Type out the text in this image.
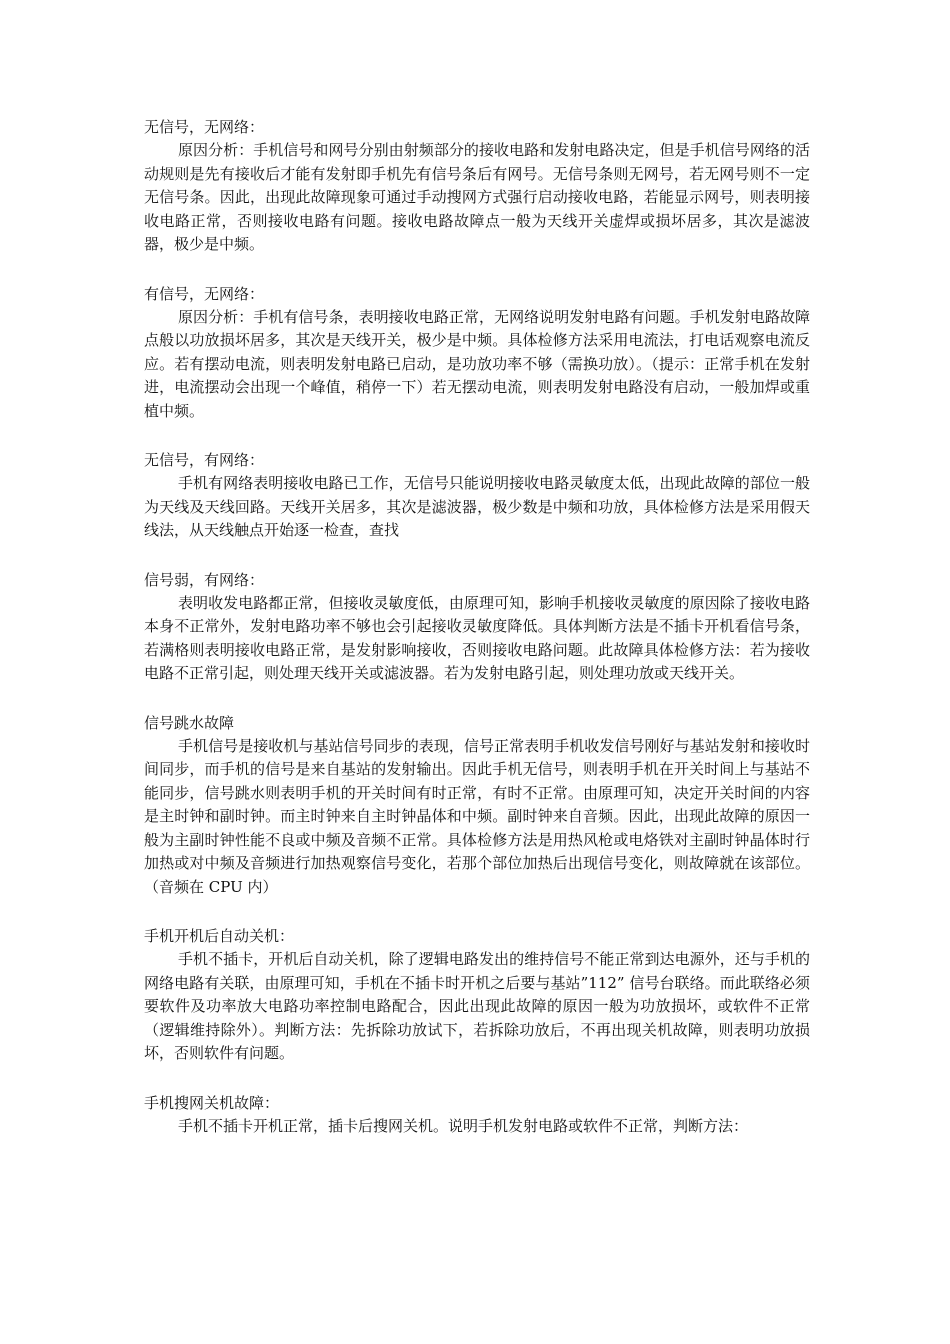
无信号，无网络：

原因分析：手机信号和网号分别由射频部分的接收电路和发射电路决定，但是手机信号网络的活动规则是先有接收后才能有发射即手机先有信号条后有网号。无信号条则无网号，若无网号则不一定无信号条。因此，出现此故障现象可通过手动搜网方式强行启动接收电路，若能显示网号，则表明接收电路正常，否则接收电路有问题。接收电路故障点一般为天线开关虚焊或损坏居多，其次是滤波器，极少是中频。

有信号，无网络：

原因分析：手机有信号条，表明接收电路正常，无网络说明发射电路有问题。手机发射电路故障点般以功放损坏居多，其次是天线开关，极少是中频。具体检修方法采用电流法，打电话观察电流反应。若有摆动电流，则表明发射电路已启动，是功放功率不够（需换功放）。（提示：正常手机在发射进，电流摆动会出现一个峰值，稍停一下）若无摆动电流，则表明发射电路没有启动，一般加焊或重植中频。

无信号，有网络：

手机有网络表明接收电路已工作，无信号只能说明接收电路灵敏度太低，出现此故障的部位一般为天线及天线回路。天线开关居多，其次是滤波器，极少数是中频和功放，具体检修方法是采用假天线法，从天线触点开始逐一检查，查找

信号弱，有网络：

表明收发电路都正常，但接收灵敏度低，由原理可知，影响手机接收灵敏度的原因除了接收电路本身不正常外，发射电路功率不够也会引起接收灵敏度降低。具体判断方法是不插卡开机看信号条，若满格则表明接收电路正常，是发射影响接收，否则接收电路问题。此故障具体检修方法：若为接收电路不正常引起，则处理天线开关或滤波器。若为发射电路引起，则处理功放或天线开关。

信号跳水故障

手机信号是接收机与基站信号同步的表现，信号正常表明手机收发信号刚好与基站发射和接收时间同步，而手机的信号是来自基站的发射输出。因此手机无信号，则表明手机在开关时间上与基站不能同步，信号跳水则表明手机的开关时间有时正常，有时不正常。由原理可知，决定开关时间的内容是主时钟和副时钟。而主时钟来自主时钟晶体和中频。副时钟来自音频。因此，出现此故障的原因一般为主副时钟性能不良或中频及音频不正常。具体检修方法是用热风枪或电烙铁对主副时钟晶体时行加热或对中频及音频进行加热观察信号变化，若那个部位加热后出现信号变化，则故障就在该部位。（音频在 CPU 内）

手机开机后自动关机：

手机不插卡，开机后自动关机，除了逻辑电路发出的维持信号不能正常到达电源外，还与手机的网络电路有关联，由原理可知，手机在不插卡时开机之后要与基站”112” 信号台联络。而此联络必须要软件及功率放大电路功率控制电路配合，因此出现此故障的原因一般为功放损坏，或软件不正常（逻辑维持除外）。判断方法：先拆除功放试下，若拆除功放后，不再出现关机故障，则表明功放损坏，否则软件有问题。

手机搜网关机故障：

手机不插卡开机正常，插卡后搜网关机。说明手机发射电路或软件不正常，判断方法：
